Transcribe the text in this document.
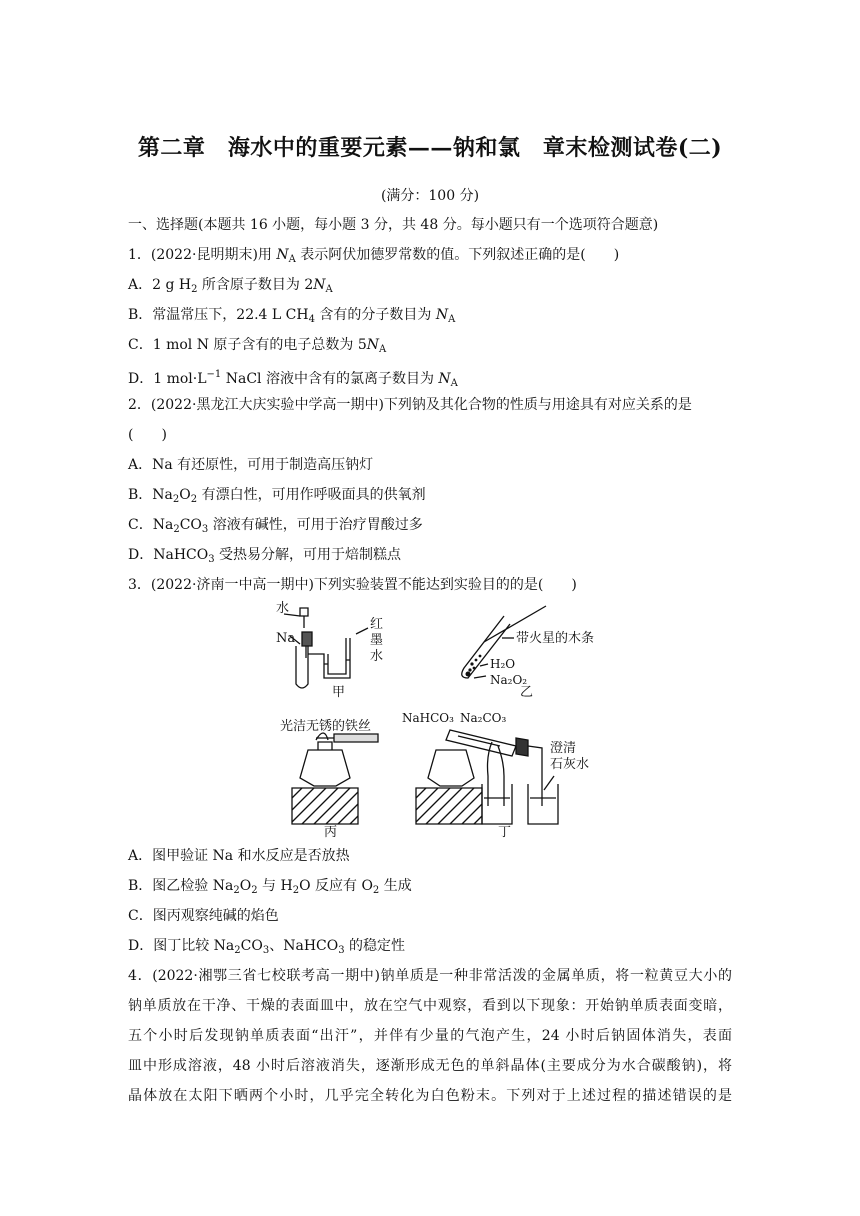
第二章　海水中的重要元素——钠和氯　章末检测试卷(二)
(满分：100 分)
一、选择题(本题共 16 小题，每小题 3 分，共 48 分。每小题只有一个选项符合题意)
1．(2022·昆明期末)用 $N_A$ 表示阿伏加德罗常数的值。下列叙述正确的是(　　)
A．2 g $H_2$ 所含原子数目为 $2N_A$
B．常温常压下，22.4 L $CH_4$ 含有的分子数目为 $N_A$
C．1 mol N 原子含有的电子总数为 $5N_A$
D．1 $mol\cdot L^{-1}$ NaCl 溶液中含有的氯离子数目为 $N_A$
2．(2022·黑龙江大庆实验中学高一期中)下列钠及其化合物的性质与用途具有对应关系的是
(　　)
A．Na 有还原性，可用于制造高压钠灯
B．$Na_2O_2$ 有漂白性，可用作呼吸面具的供氧剂
C．$Na_2CO_3$ 溶液有碱性，可用于治疗胃酸过多
D．NaHCO$_3$ 受热易分解，可用于焙制糕点
3．(2022·济南一中高一期中)下列实验装置不能达到实验目的的是(　　)
水
Na
红
墨
水
甲
带火星的木条
H₂O
Na₂O₂
乙
光洁无锈的铁丝
丙
NaHCO₃ Na₂CO₃
澄清
石灰水
丁
A．图甲验证 Na 和水反应是否放热
B．图乙检验 $Na_2O_2$ 与 $H_2O$ 反应有 $O_2$ 生成
C．图丙观察纯碱的焰色
D．图丁比较 $Na_2CO_3$、NaHCO$_3$ 的稳定性
4．(2022·湘鄂三省七校联考高一期中)钠单质是一种非常活泼的金属单质，将一粒黄豆大小的
钠单质放在干净、干燥的表面皿中，放在空气中观察，看到以下现象：开始钠单质表面变暗，
五个小时后发现钠单质表面“出汗”，并伴有少量的气泡产生，24 小时后钠固体消失，表面
皿中形成溶液，48 小时后溶液消失，逐渐形成无色的单斜晶体(主要成分为水合碳酸钠)，将
晶体放在太阳下晒两个小时，几乎完全转化为白色粉末。下列对于上述过程的描述错误的是
